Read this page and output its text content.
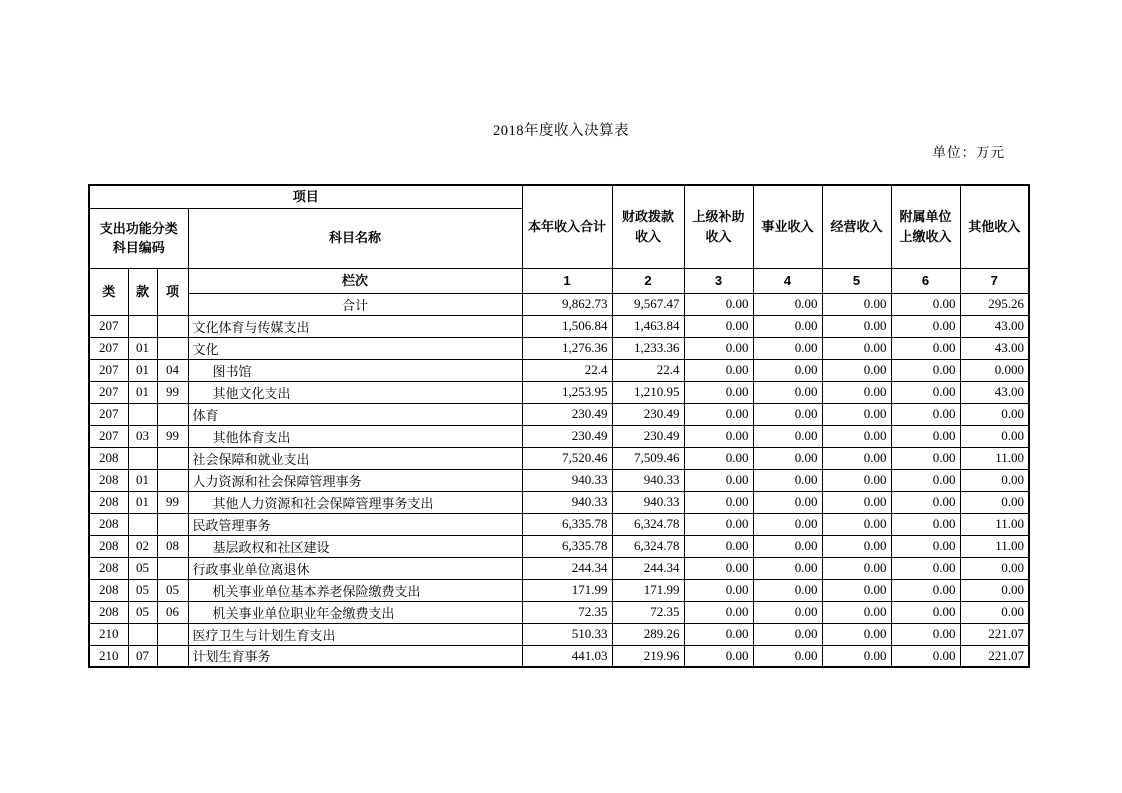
2018年度收入决算表
单位：万元
项目				本年收入合计	财政拨款收入	上级补助收入	事业收入	经营收入	附属单位上缴收入	其他收入
支出功能分类科目编码			科目名称							
类	款	项	栏次	1	2	3	4	5	6	7
			合计	9,862.73	9,567.47	0.00	0.00	0.00	0.00	295.26
207			文化体育与传媒支出	1,506.84	1,463.84	0.00	0.00	0.00	0.00	43.00
207	01		文化	1,276.36	1,233.36	0.00	0.00	0.00	0.00	43.00
207	01	04	图书馆	22.4	22.4	0.00	0.00	0.00	0.00	0.000
207	01	99	其他文化支出	1,253.95	1,210.95	0.00	0.00	0.00	0.00	43.00
207			体育	230.49	230.49	0.00	0.00	0.00	0.00	0.00
207	03	99	其他体育支出	230.49	230.49	0.00	0.00	0.00	0.00	0.00
208			社会保障和就业支出	7,520.46	7,509.46	0.00	0.00	0.00	0.00	11.00
208	01		人力资源和社会保障管理事务	940.33	940.33	0.00	0.00	0.00	0.00	0.00
208	01	99	其他人力资源和社会保障管理事务支出	940.33	940.33	0.00	0.00	0.00	0.00	0.00
208			民政管理事务	6,335.78	6,324.78	0.00	0.00	0.00	0.00	11.00
208	02	08	基层政权和社区建设	6,335.78	6,324.78	0.00	0.00	0.00	0.00	11.00
208	05		行政事业单位离退休	244.34	244.34	0.00	0.00	0.00	0.00	0.00
208	05	05	机关事业单位基本养老保险缴费支出	171.99	171.99	0.00	0.00	0.00	0.00	0.00
208	05	06	机关事业单位职业年金缴费支出	72.35	72.35	0.00	0.00	0.00	0.00	0.00
210			医疗卫生与计划生育支出	510.33	289.26	0.00	0.00	0.00	0.00	221.07
210	07		计划生育事务	441.03	219.96	0.00	0.00	0.00	0.00	221.07
